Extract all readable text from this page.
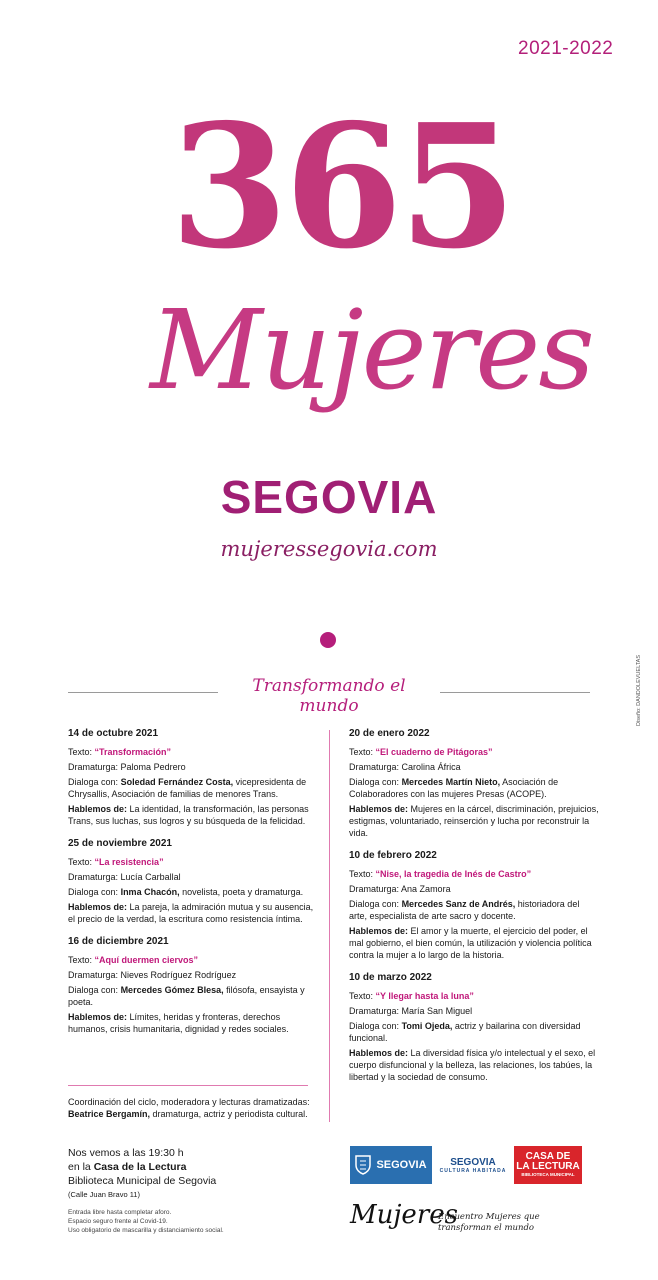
2021-2022
365
Mujeres
SEGOVIA
mujeressegovia.com
Diseño: DANDOLEVUELTAS
Transformando el mundo
14 de octubre 2021

Texto: “Transformación”

Dramaturga: Paloma Pedrero

Dialoga con: Soledad Fernández Costa, vicepresidenta de Chrysallis, Asociación de familias de menores Trans.

Hablemos de: La identidad, la transformación, las personas Trans, sus luchas, sus logros y su búsqueda de la felicidad.

25 de noviembre 2021

Texto: “La resistencia”

Dramaturga: Lucía Carballal

Dialoga con: Inma Chacón, novelista, poeta y dramaturga.

Hablemos de: La pareja, la admiración mutua y su ausencia, el precio de la verdad, la escritura como resistencia íntima.

16 de diciembre 2021

Texto: “Aquí duermen ciervos”

Dramaturga: Nieves Rodríguez Rodríguez

Dialoga con: Mercedes Gómez Blesa, filósofa, ensayista y poeta.

Hablemos de: Límites, heridas y fronteras, derechos humanos, crisis humanitaria, dignidad y redes sociales.

20 de enero 2022

Texto: “El cuaderno de Pitágoras”

Dramaturga: Carolina África

Dialoga con: Mercedes Martín Nieto, Asociación de Colaboradores con las mujeres Presas (ACOPE).

Hablemos de: Mujeres en la cárcel, discriminación, prejuicios, estigmas, voluntariado, reinserción y lucha por reconstruir la vida.

10 de febrero 2022

Texto: “Nise, la tragedia de Inés de Castro”

Dramaturga: Ana Zamora

Dialoga con: Mercedes Sanz de Andrés, historiadora del arte, especialista de arte sacro y docente.

Hablemos de: El amor y la muerte, el ejercicio del poder, el mal gobierno, el bien común, la utilización y violencia política contra la mujer a lo largo de la historia.

10 de marzo 2022

Texto: “Y llegar hasta la luna”

Dramaturga: María San Miguel

Dialoga con: Tomi Ojeda, actriz y bailarina con diversidad funcional.

Hablemos de: La diversidad física y/o intelectual y el sexo, el cuerpo disfuncional y la belleza, las relaciones, los tabúes, la libertad y la sociedad de consumo.

Coordinación del ciclo, moderadora y lecturas dramatizadas:
Beatrice Bergamín, dramaturga, actriz y periodista cultural.
Nos vemos a las 19:30 h
en la Casa de la Lectura
Biblioteca Municipal de Segovia
(Calle Juan Bravo 11)
Entrada libre hasta completar aforo.
Espacio seguro frente al Covid-19.
Uso obligatorio de mascarilla y distanciamiento social.
SEGOVIA SEGOVIA
CULTURA HABITADA
CASA DE
LA LECTURA
BIBLIOTECA MUNICIPAL
Mujeres
Encuentro Mujeres que
transforman el mundo
